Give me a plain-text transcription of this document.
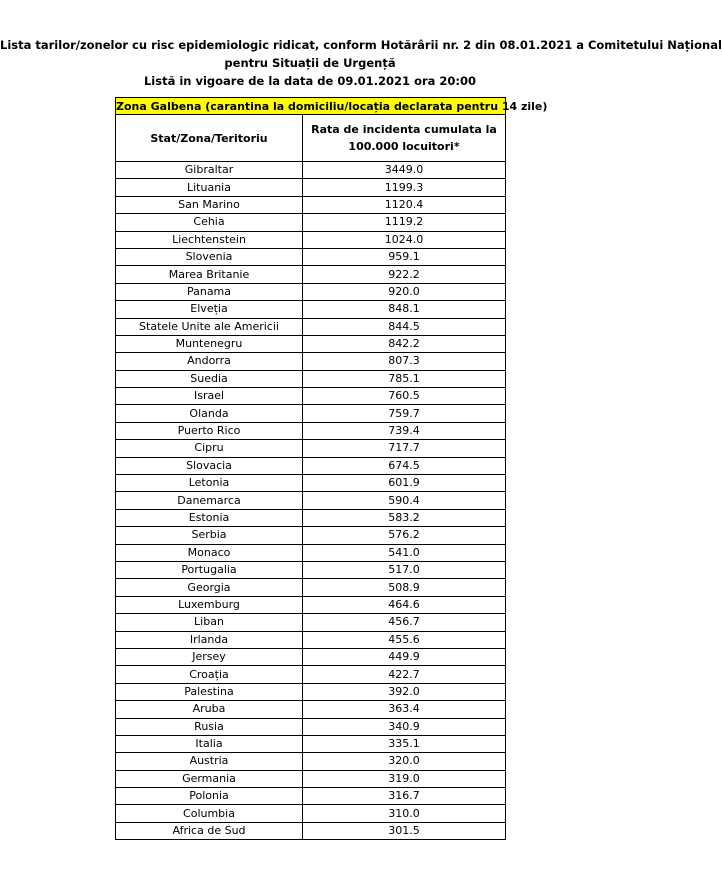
Lista tarilor/zonelor cu risc epidemiologic ridicat, conform Hotărârii nr. 2 din 08.01.2021 a Comitetului Național
pentru Situații de Urgență
Listă in vigoare de la data de 09.01.2021 ora 20:00
Zona Galbena (carantina la domiciliu/locația declarata pentru 14 zile)	
Stat/Zona/Teritoriu	Rata de incidenta cumulata la
100.000 locuitori*

Gibraltar	3449.0
Lituania	1199.3
San Marino	1120.4
Cehia	1119.2
Liechtenstein	1024.0
Slovenia	959.1
Marea Britanie	922.2
Panama	920.0
Elveția	848.1
Statele Unite ale Americii	844.5
Muntenegru	842.2
Andorra	807.3
Suedia	785.1
Israel	760.5
Olanda	759.7
Puerto Rico	739.4
Cipru	717.7
Slovacia	674.5
Letonia	601.9
Danemarca	590.4
Estonia	583.2
Serbia	576.2
Monaco	541.0
Portugalia	517.0
Georgia	508.9
Luxemburg	464.6
Liban	456.7
Irlanda	455.6
Jersey	449.9
Croația	422.7
Palestina	392.0
Aruba	363.4
Rusia	340.9
Italia	335.1
Austria	320.0
Germania	319.0
Polonia	316.7
Columbia	310.0
Africa de Sud	301.5
